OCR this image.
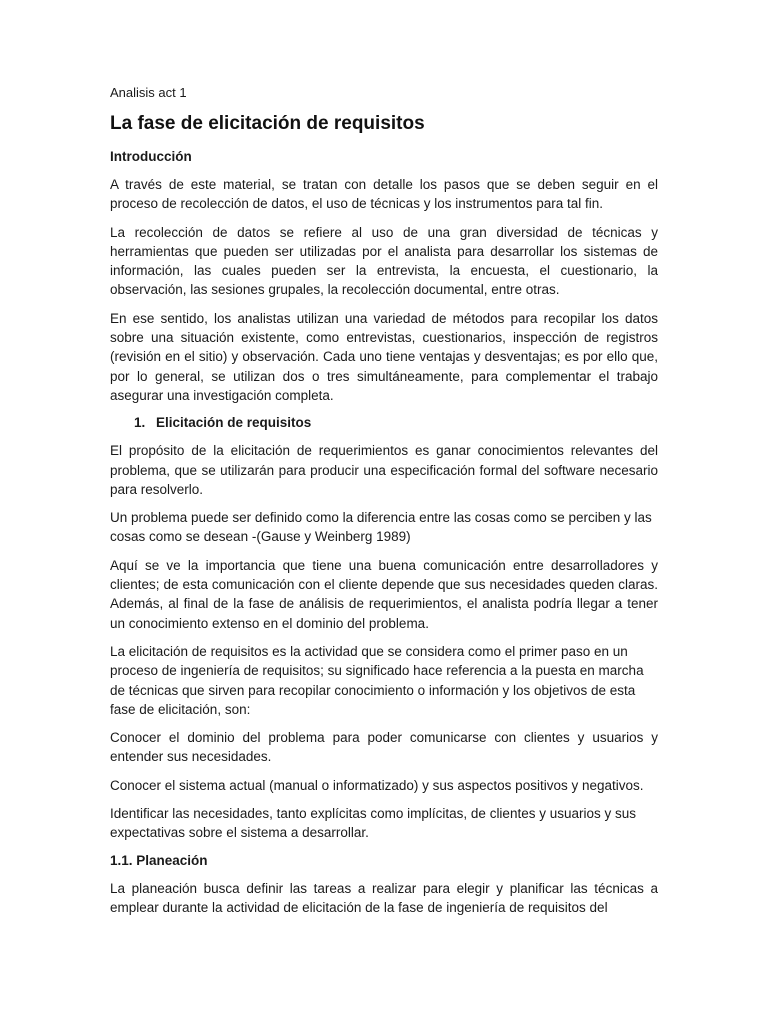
Analisis act 1

La fase de elicitación de requisitos

Introducción

A través de este material, se tratan con detalle los pasos que se deben seguir en el proceso de recolección de datos, el uso de técnicas y los instrumentos para tal fin.

La recolección de datos se refiere al uso de una gran diversidad de técnicas y herramientas que pueden ser utilizadas por el analista para desarrollar los sistemas de información, las cuales pueden ser la entrevista, la encuesta, el cuestionario, la observación, las sesiones grupales, la recolección documental, entre otras.

En ese sentido, los analistas utilizan una variedad de métodos para recopilar los datos sobre una situación existente, como entrevistas, cuestionarios, inspección de registros (revisión en el sitio) y observación. Cada uno tiene ventajas y desventajas; es por ello que, por lo general, se utilizan dos o tres simultáneamente, para complementar el trabajo asegurar una investigación completa.

1. Elicitación de requisitos

El propósito de la elicitación de requerimientos es ganar conocimientos relevantes del problema, que se utilizarán para producir una especificación formal del software necesario para resolverlo.

Un problema puede ser definido como la diferencia entre las cosas como se perciben y las cosas como se desean -(Gause y Weinberg 1989)

Aquí se ve la importancia que tiene una buena comunicación entre desarrolladores y clientes; de esta comunicación con el cliente depende que sus necesidades queden claras. Además, al final de la fase de análisis de requerimientos, el analista podría llegar a tener un conocimiento extenso en el dominio del problema.

La elicitación de requisitos es la actividad que se considera como el primer paso en un proceso de ingeniería de requisitos; su significado hace referencia a la puesta en marcha de técnicas que sirven para recopilar conocimiento o información y los objetivos de esta fase de elicitación, son:

Conocer el dominio del problema para poder comunicarse con clientes y usuarios y entender sus necesidades.

Conocer el sistema actual (manual o informatizado) y sus aspectos positivos y negativos.

Identificar las necesidades, tanto explícitas como implícitas, de clientes y usuarios y sus expectativas sobre el sistema a desarrollar.

1.1. Planeación

La planeación busca definir las tareas a realizar para elegir y planificar las técnicas a emplear durante la actividad de elicitación de la fase de ingeniería de requisitos del
